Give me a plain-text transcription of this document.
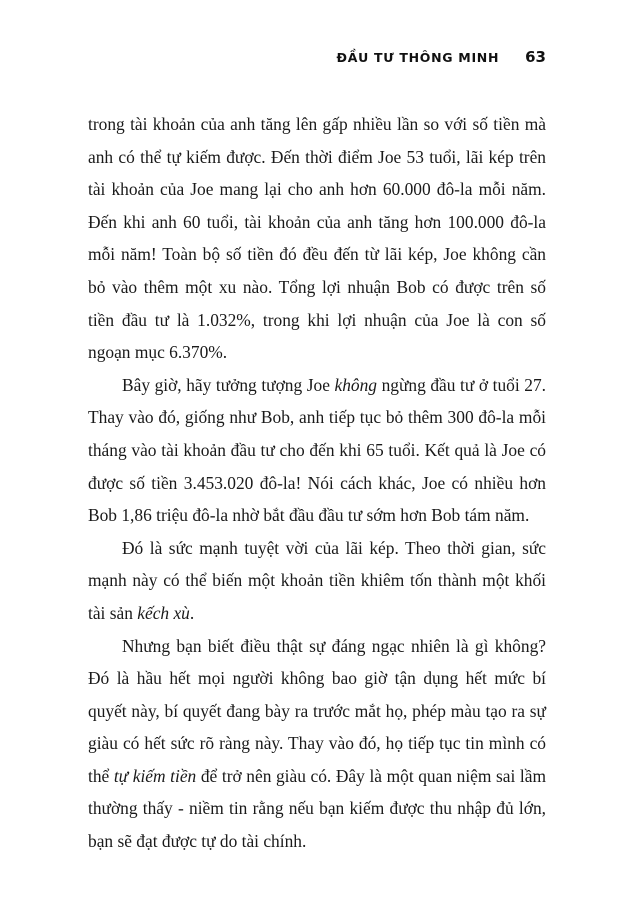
ĐẦU TƯ THÔNG MINH 63

trong tài khoản của anh tăng lên gấp nhiều lần so với số tiền mà anh có thể tự kiếm được. Đến thời điểm Joe 53 tuổi, lãi kép trên tài khoản của Joe mang lại cho anh hơn 60.000 đô-la mỗi năm. Đến khi anh 60 tuổi, tài khoản của anh tăng hơn 100.000 đô-la mỗi năm! Toàn bộ số tiền đó đều đến từ lãi kép, Joe không cần bỏ vào thêm một xu nào. Tổng lợi nhuận Bob có được trên số tiền đầu tư là 1.032%, trong khi lợi nhuận của Joe là con số ngoạn mục 6.370%.

Bây giờ, hãy tưởng tượng Joe không ngừng đầu tư ở tuổi 27. Thay vào đó, giống như Bob, anh tiếp tục bỏ thêm 300 đô-la mỗi tháng vào tài khoản đầu tư cho đến khi 65 tuổi. Kết quả là Joe có được số tiền 3.453.020 đô-la! Nói cách khác, Joe có nhiều hơn Bob 1,86 triệu đô-la nhờ bắt đầu đầu tư sớm hơn Bob tám năm.

Đó là sức mạnh tuyệt vời của lãi kép. Theo thời gian, sức mạnh này có thể biến một khoản tiền khiêm tốn thành một khối tài sản kếch xù.

Nhưng bạn biết điều thật sự đáng ngạc nhiên là gì không? Đó là hầu hết mọi người không bao giờ tận dụng hết mức bí quyết này, bí quyết đang bày ra trước mắt họ, phép màu tạo ra sự giàu có hết sức rõ ràng này. Thay vào đó, họ tiếp tục tin mình có thể tự kiếm tiền để trở nên giàu có. Đây là một quan niệm sai lầm thường thấy - niềm tin rằng nếu bạn kiếm được thu nhập đủ lớn, bạn sẽ đạt được tự do tài chính.
